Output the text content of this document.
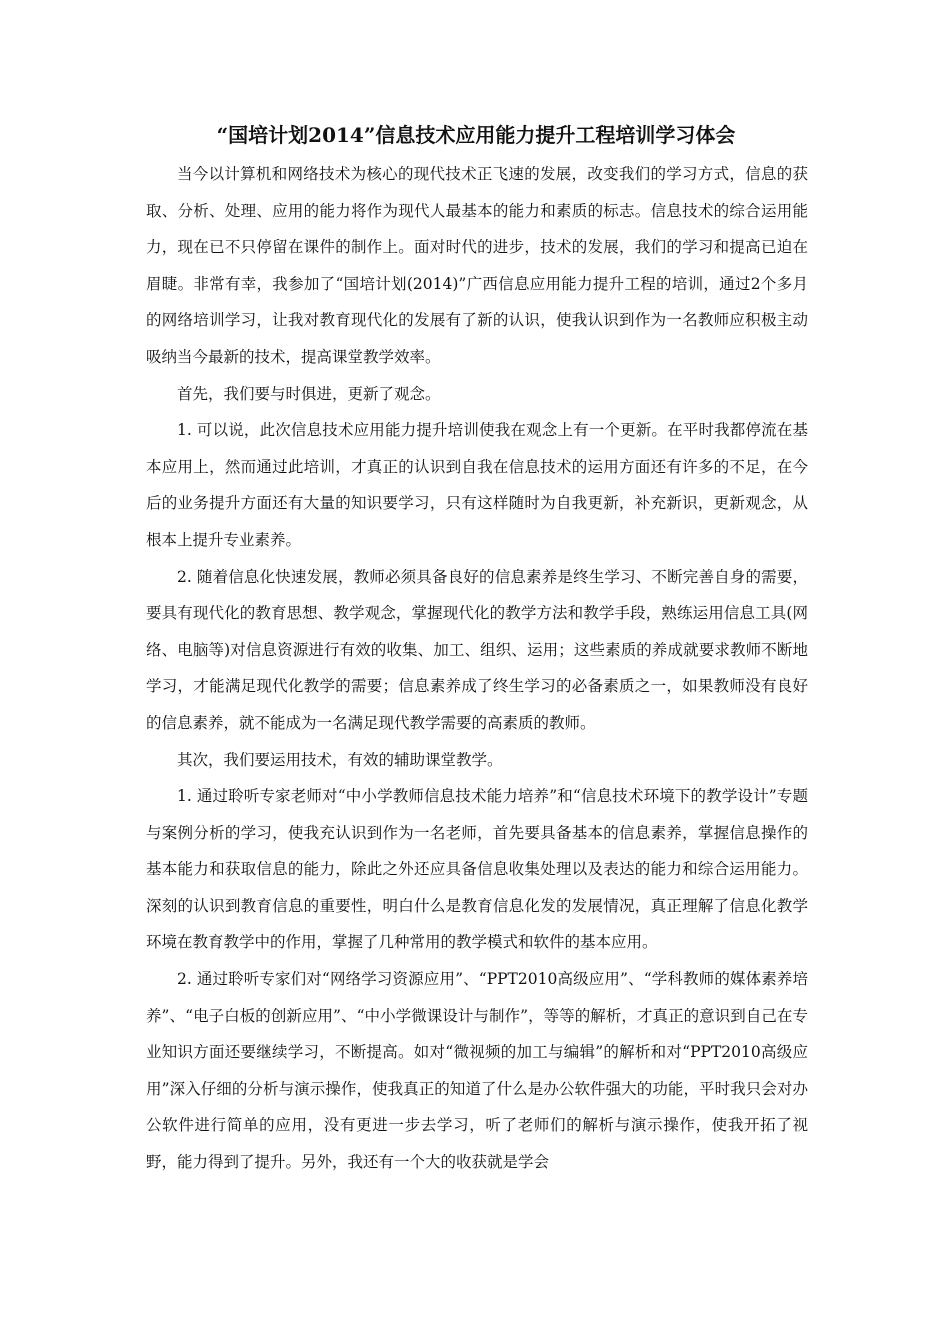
“国培计划2014”信息技术应用能力提升工程培训学习体会

当今以计算机和网络技术为核心的现代技术正飞速的发展，改变我们的学习方式，信息的获取、分析、处理、应用的能力将作为现代人最基本的能力和素质的标志。信息技术的综合运用能力，现在已不只停留在课件的制作上。面对时代的进步，技术的发展，我们的学习和提高已迫在眉睫。非常有幸，我参加了“国培计划(2014)”广西信息应用能力提升工程的培训，通过2个多月的网络培训学习，让我对教育现代化的发展有了新的认识，使我认识到作为一名教师应积极主动吸纳当今最新的技术，提高课堂教学效率。

首先，我们要与时俱进，更新了观念。

1. 可以说，此次信息技术应用能力提升培训使我在观念上有一个更新。在平时我都停流在基本应用上，然而通过此培训，才真正的认识到自我在信息技术的运用方面还有许多的不足，在今后的业务提升方面还有大量的知识要学习，只有这样随时为自我更新，补充新识，更新观念，从根本上提升专业素养。

2. 随着信息化快速发展，教师必须具备良好的信息素养是终生学习、不断完善自身的需要，要具有现代化的教育思想、教学观念，掌握现代化的教学方法和教学手段，熟练运用信息工具(网络、电脑等)对信息资源进行有效的收集、加工、组织、运用；这些素质的养成就要求教师不断地学习，才能满足现代化教学的需要；信息素养成了终生学习的必备素质之一，如果教师没有良好的信息素养，就不能成为一名满足现代教学需要的高素质的教师。

其次，我们要运用技术，有效的辅助课堂教学。

1. 通过聆听专家老师对“中小学教师信息技术能力培养”和“信息技术环境下的教学设计”专题与案例分析的学习，使我充认识到作为一名老师，首先要具备基本的信息素养，掌握信息操作的基本能力和获取信息的能力，除此之外还应具备信息收集处理以及表达的能力和综合运用能力。深刻的认识到教育信息的重要性，明白什么是教育信息化发的发展情况，真正理解了信息化教学环境在教育教学中的作用，掌握了几种常用的教学模式和软件的基本应用。

2. 通过聆听专家们对“网络学习资源应用”、“PPT2010高级应用”、“学科教师的媒体素养培养”、“电子白板的创新应用”、“中小学微课设计与制作”，等等的解析，才真正的意识到自己在专业知识方面还要继续学习，不断提高。如对“微视频的加工与编辑”的解析和对“PPT2010高级应用”深入仔细的分析与演示操作，使我真正的知道了什么是办公软件强大的功能，平时我只会对办公软件进行简单的应用，没有更进一步去学习，听了老师们的解析与演示操作，使我开拓了视野，能力得到了提升。另外，我还有一个大的收获就是学会
